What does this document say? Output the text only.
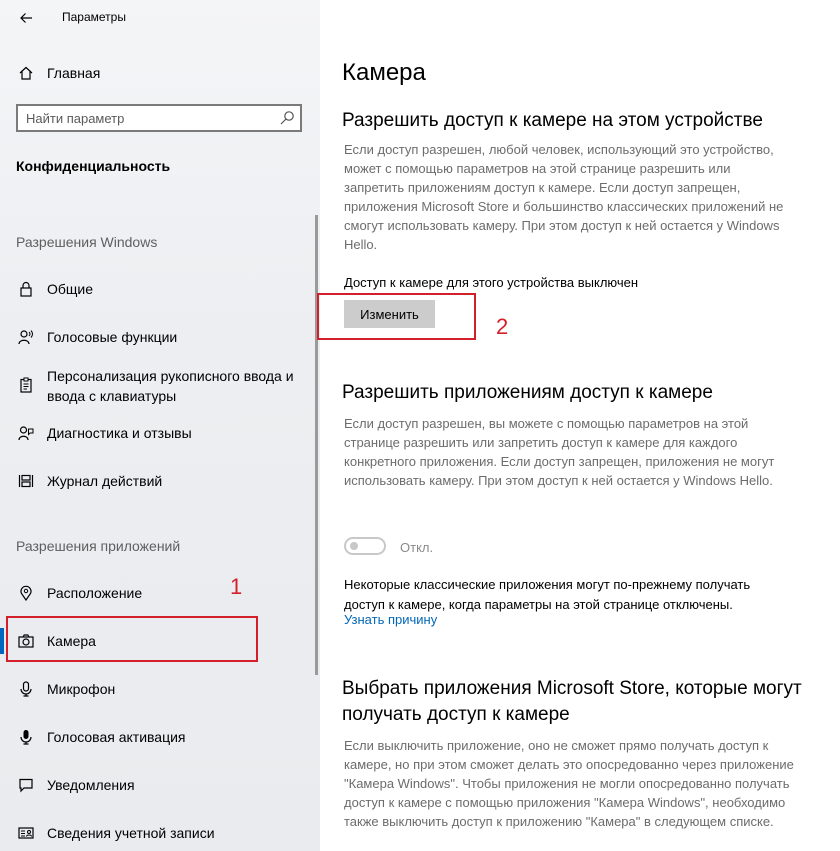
Параметры
Главная
Найти параметр
Конфиденциальность
Разрешения Windows
Общие
Голосовые функции
Персонализация рукописного ввода и ввода с клавиатуры
Диагностика и отзывы
Журнал действий
Разрешения приложений
Расположение
Камера
Микрофон
Голосовая активация
Уведомления
Сведения учетной записи
Камера
Разрешить доступ к камере на этом устройстве
Если доступ разрешен, любой человек, использующий это устройство, может с помощью параметров на этой странице разрешить или запретить приложениям доступ к камере. Если доступ запрещен, приложения Microsoft Store и большинство классических приложений не смогут использовать камеру. При этом доступ к ней остается у Windows Hello.
Доступ к камере для этого устройства выключен
Изменить
Разрешить приложениям доступ к камере
Если доступ разрешен, вы можете с помощью параметров на этой странице разрешить или запретить доступ к камере для каждого конкретного приложения. Если доступ запрещен, приложения не могут использовать камеру. При этом доступ к ней остается у Windows Hello.
Откл.
Некоторые классические приложения могут по-прежнему получать доступ к камере, когда параметры на этой странице отключены.
Узнать причину
Выбрать приложения Microsoft Store, которые могут получать доступ к камере
Если выключить приложение, оно не сможет прямо получать доступ к камере, но при этом сможет делать это опосредованно через приложение "Камера Windows". Чтобы приложения не могли опосредованно получать доступ к камере с помощью приложения "Камера Windows", необходимо также выключить доступ к приложению "Камера" в следующем списке.
1
2
